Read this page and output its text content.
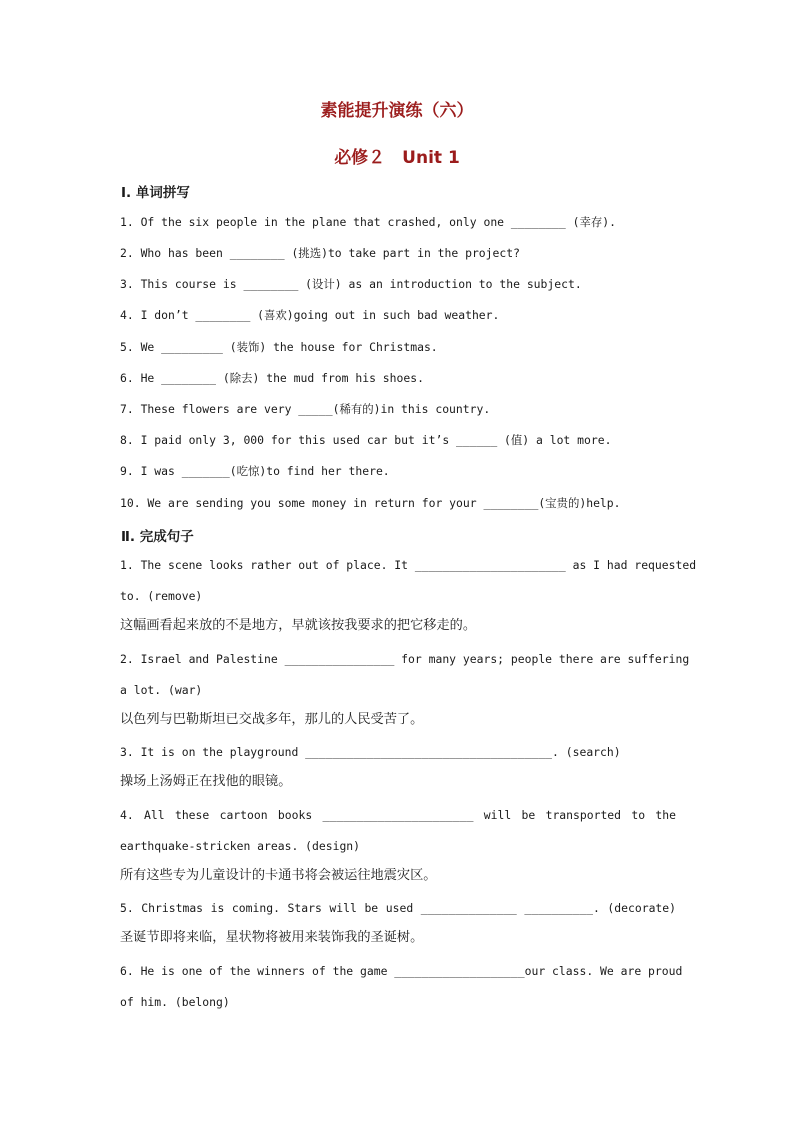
素能提升演练（六）
必修２　Unit 1
Ⅰ. 单词拼写
1. Of the six people in the plane that crashed, only one ________ (幸存).
2. Who has been ________ (挑选)to take part in the project?
3. This course is ________ (设计) as an introduction to the subject.
4. I don’t ________ (喜欢)going out in such bad weather.
5. We _________ (装饰) the house for Christmas.
6. He ________ (除去) the mud from his shoes.
7. These flowers are very _____(稀有的)in this country.
8. I paid only 3, 000 for this used car but it’s ______ (值) a lot more.
9. I was _______(吃惊)to find her there.
10. We are sending you some money in return for your ________(宝贵的)help.
Ⅱ. 完成句子
1. The scene looks rather out of place. It ______________________ as I had requested
to. (remove)
这幅画看起来放的不是地方，早就该按我要求的把它移走的。
2. Israel and Palestine ________________ for many years; people there are suffering
a lot. (war)
以色列与巴勒斯坦已交战多年，那儿的人民受苦了。
3. It is on the playground ____________________________________. (search)
操场上汤姆正在找他的眼镜。
4. All these cartoon books ______________________ will be transported to the
earthquake-stricken areas. (design)
所有这些专为儿童设计的卡通书将会被运往地震灾区。
5. Christmas is coming. Stars will be used ______________ __________. (decorate)
圣诞节即将来临，星状物将被用来装饰我的圣诞树。
6. He is one of the winners of the game ___________________our class. We are proud
of him. (belong)
